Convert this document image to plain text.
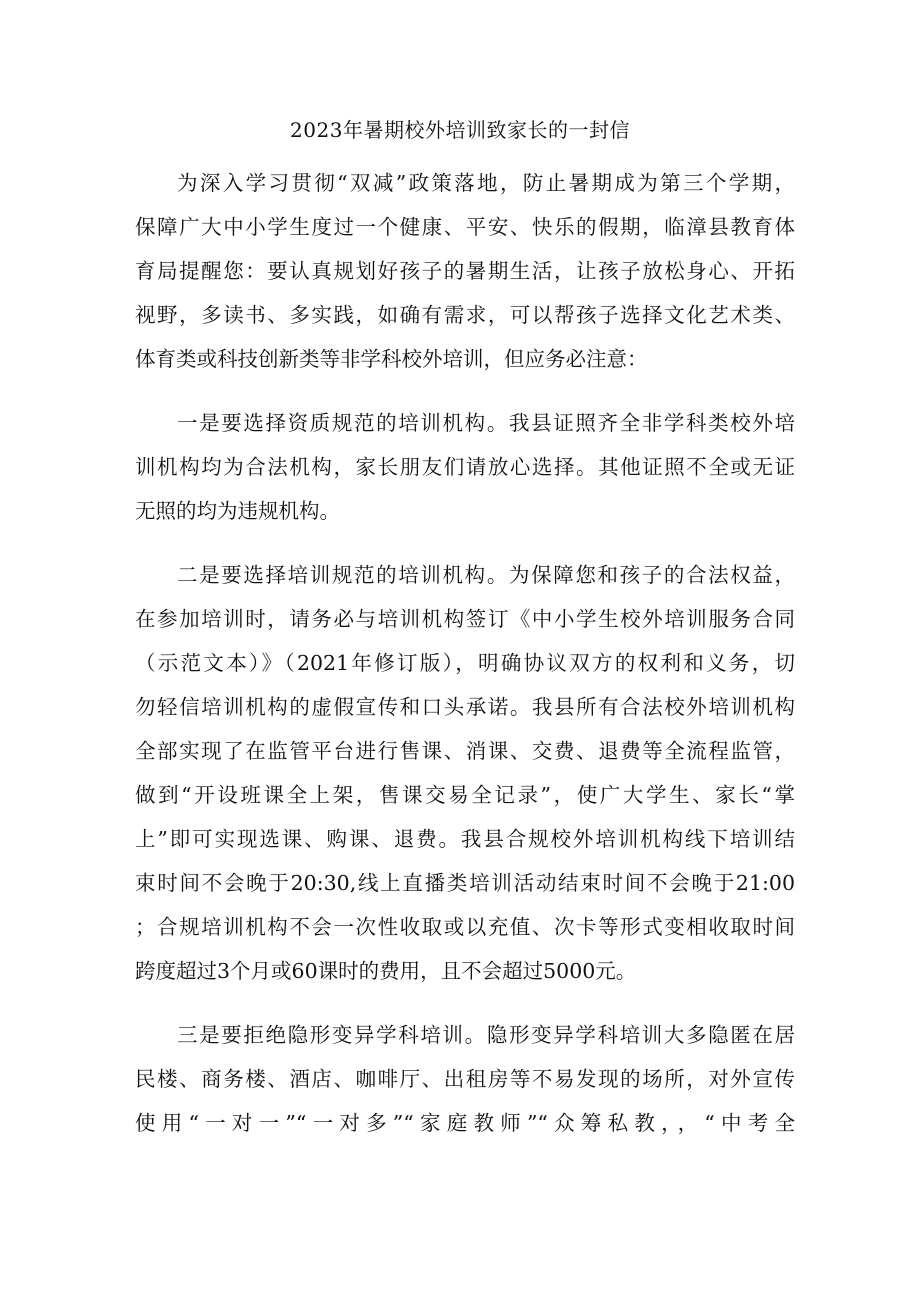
2023年暑期校外培训致家长的一封信
为深入学习贯彻“双减”政策落地，防止暑期成为第三个学期，
保障广大中小学生度过一个健康、平安、快乐的假期，临漳县教育体
育局提醒您：要认真规划好孩子的暑期生活，让孩子放松身心、开拓
视野，多读书、多实践，如确有需求，可以帮孩子选择文化艺术类、
体育类或科技创新类等非学科校外培训，但应务必注意：
一是要选择资质规范的培训机构。我县证照齐全非学科类校外培
训机构均为合法机构，家长朋友们请放心选择。其他证照不全或无证
无照的均为违规机构。
二是要选择培训规范的培训机构。为保障您和孩子的合法权益，
在参加培训时，请务必与培训机构签订《中小学生校外培训服务合同
（示范文本）》（2021年修订版），明确协议双方的权利和义务，切
勿轻信培训机构的虚假宣传和口头承诺。我县所有合法校外培训机构
全部实现了在监管平台进行售课、消课、交费、退费等全流程监管，
做到“开设班课全上架，售课交易全记录”，使广大学生、家长“掌
上”即可实现选课、购课、退费。我县合规校外培训机构线下培训结
束时间不会晚于20:30,线上直播类培训活动结束时间不会晚于21:00
；合规培训机构不会一次性收取或以充值、次卡等形式变相收取时间
跨度超过3个月或60课时的费用，且不会超过5000元。
三是要拒绝隐形变异学科培训。隐形变异学科培训大多隐匿在居
民楼、商务楼、酒店、咖啡厅、出租房等不易发现的场所，对外宣传
使用“一对一”“一对多”“家庭教师”“众筹私教，，“中考全
